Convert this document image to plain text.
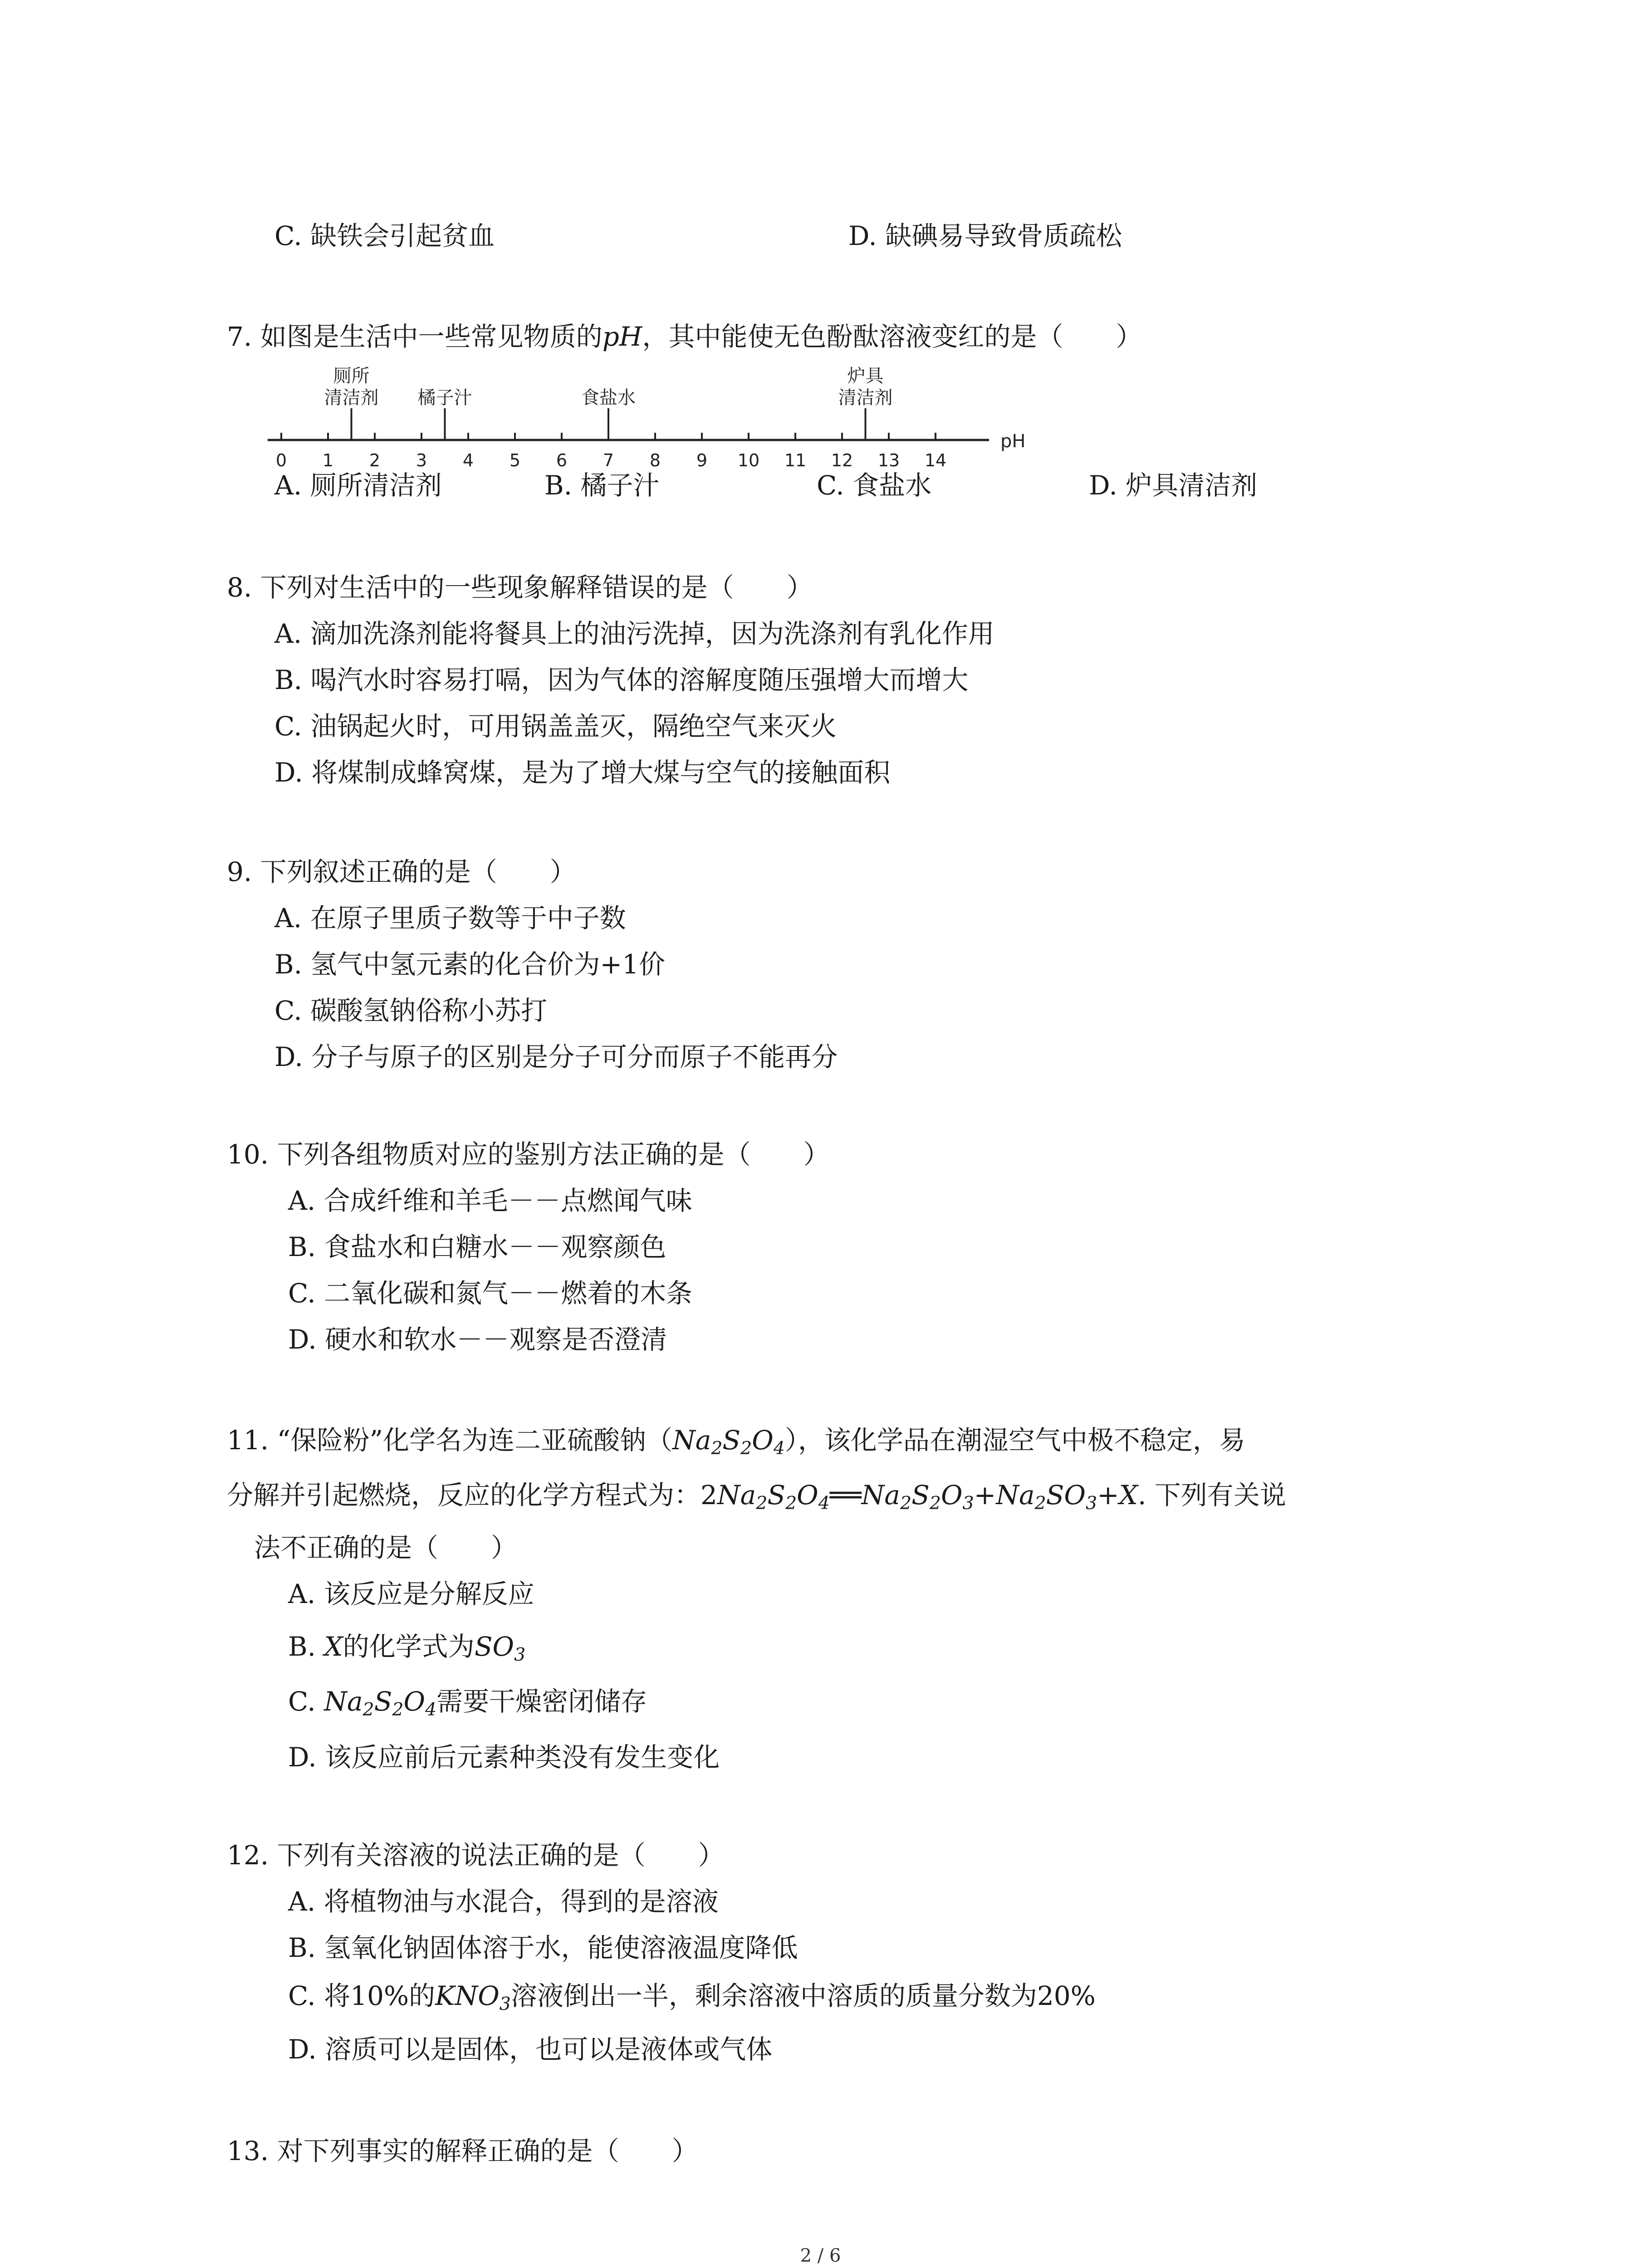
C. 缺铁会引起贫血	D. 缺碘易导致骨质疏松
7. 如图是生活中一些常见物质的pH，其中能使无色酚酞溶液变红的是（　　）
0 1 2 3 4 5 6 7 8 9 10 11 12 13 14
厕所
清洁剂 橘子汁	食盐水
炉具
清洁剂
pH
A. 厕所清洁剂	B. 橘子汁	C. 食盐水	D. 炉具清洁剂
8. 下列对生活中的一些现象解释错误的是（　　）
A. 滴加洗涤剂能将餐具上的油污洗掉，因为洗涤剂有乳化作用
B. 喝汽水时容易打嗝，因为气体的溶解度随压强增大而增大
C. 油锅起火时，可用锅盖盖灭，隔绝空气来灭火
D. 将煤制成蜂窝煤，是为了增大煤与空气的接触面积
9. 下列叙述正确的是（　　）
A. 在原子里质子数等于中子数
B. 氢气中氢元素的化合价为+1价
C. 碳酸氢钠俗称小苏打
D. 分子与原子的区别是分子可分而原子不能再分
10. 下列各组物质对应的鉴别方法正确的是（　　）
A. 合成纤维和羊毛－－点燃闻气味
B. 食盐水和白糖水－－观察颜色
C. 二氧化碳和氮气－－燃着的木条
D. 硬水和软水－－观察是否澄清
11. “保险粉”化学名为连二亚硫酸钠$(Na_2S_2O_4)$，该化学品在潮湿空气中极不稳定，易
分解并引起燃烧，反应的化学方程式为：$2Na_2S_2O_4══Na_2S_2O_3+Na_2SO_3+X$. 下列有关说
法不正确的是（　　）
A. 该反应是分解反应
B. X的化学式为$SO_3$
C. $Na_2S_2O_4$需要干燥密闭储存
D. 该反应前后元素种类没有发生变化
12. 下列有关溶液的说法正确的是（　　）
A. 将植物油与水混合，得到的是溶液
B. 氢氧化钠固体溶于水，能使溶液温度降低
C. 将10%的$KNO_3$溶液倒出一半，剩余溶液中溶质的质量分数为20%
D. 溶质可以是固体，也可以是液体或气体
13. 对下列事实的解释正确的是（　　）
2 / 6
